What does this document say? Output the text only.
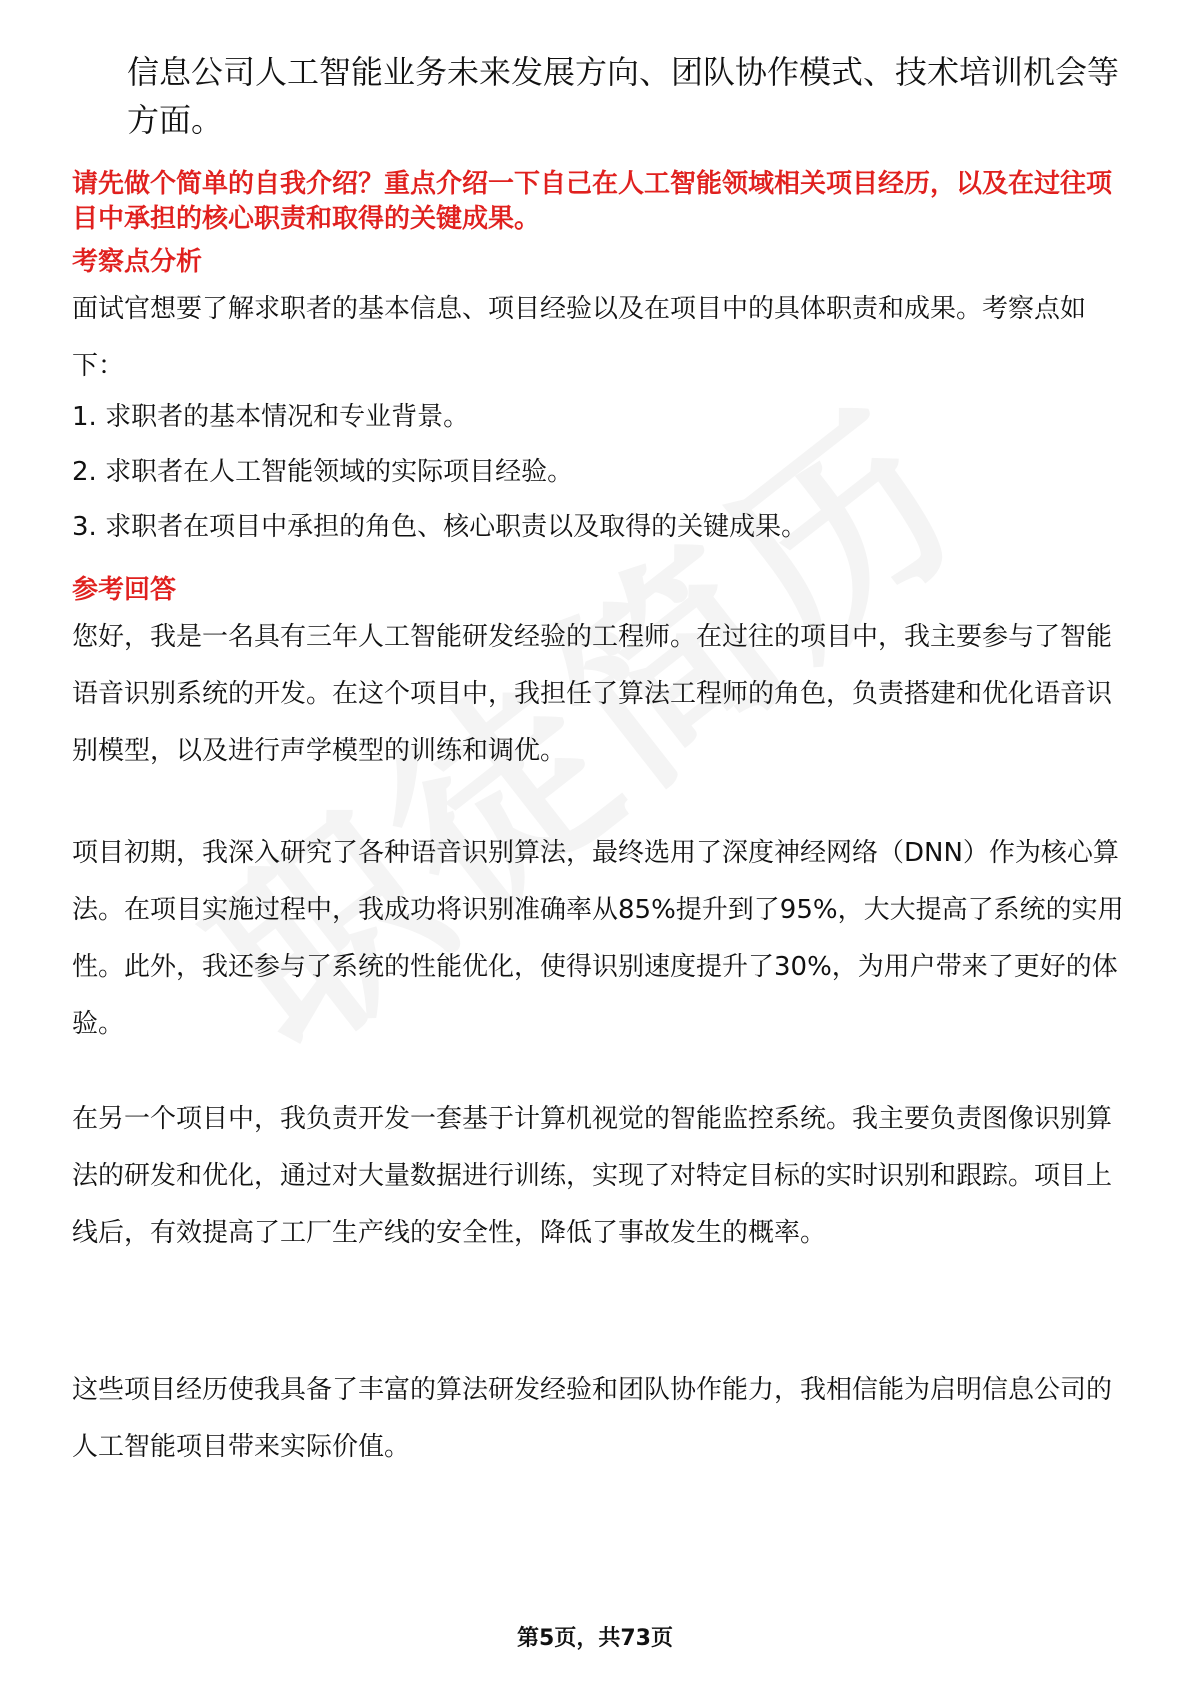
信息公司人工智能业务未来发展方向、团队协作模式、技术培训机会等方面。
请先做个简单的自我介绍？重点介绍一下自己在人工智能领域相关项目经历，以及在过往项目中承担的核心职责和取得的关键成果。
考察点分析
面试官想要了解求职者的基本信息、项目经验以及在项目中的具体职责和成果。考察点如下：
1. 求职者的基本情况和专业背景。
2. 求职者在人工智能领域的实际项目经验。
3. 求职者在项目中承担的角色、核心职责以及取得的关键成果。
参考回答
您好，我是一名具有三年人工智能研发经验的工程师。在过往的项目中，我主要参与了智能语音识别系统的开发。在这个项目中，我担任了算法工程师的角色，负责搭建和优化语音识别模型，以及进行声学模型的训练和调优。
项目初期，我深入研究了各种语音识别算法，最终选用了深度神经网络（DNN）作为核心算法。在项目实施过程中，我成功将识别准确率从85%提升到了95%，大大提高了系统的实用性。此外，我还参与了系统的性能优化，使得识别速度提升了30%，为用户带来了更好的体验。
在另一个项目中，我负责开发一套基于计算机视觉的智能监控系统。我主要负责图像识别算法的研发和优化，通过对大量数据进行训练，实现了对特定目标的实时识别和跟踪。项目上线后，有效提高了工厂生产线的安全性，降低了事故发生的概率。
这些项目经历使我具备了丰富的算法研发经验和团队协作能力，我相信能为启明信息公司的人工智能项目带来实际价值。
第5页，共73页
